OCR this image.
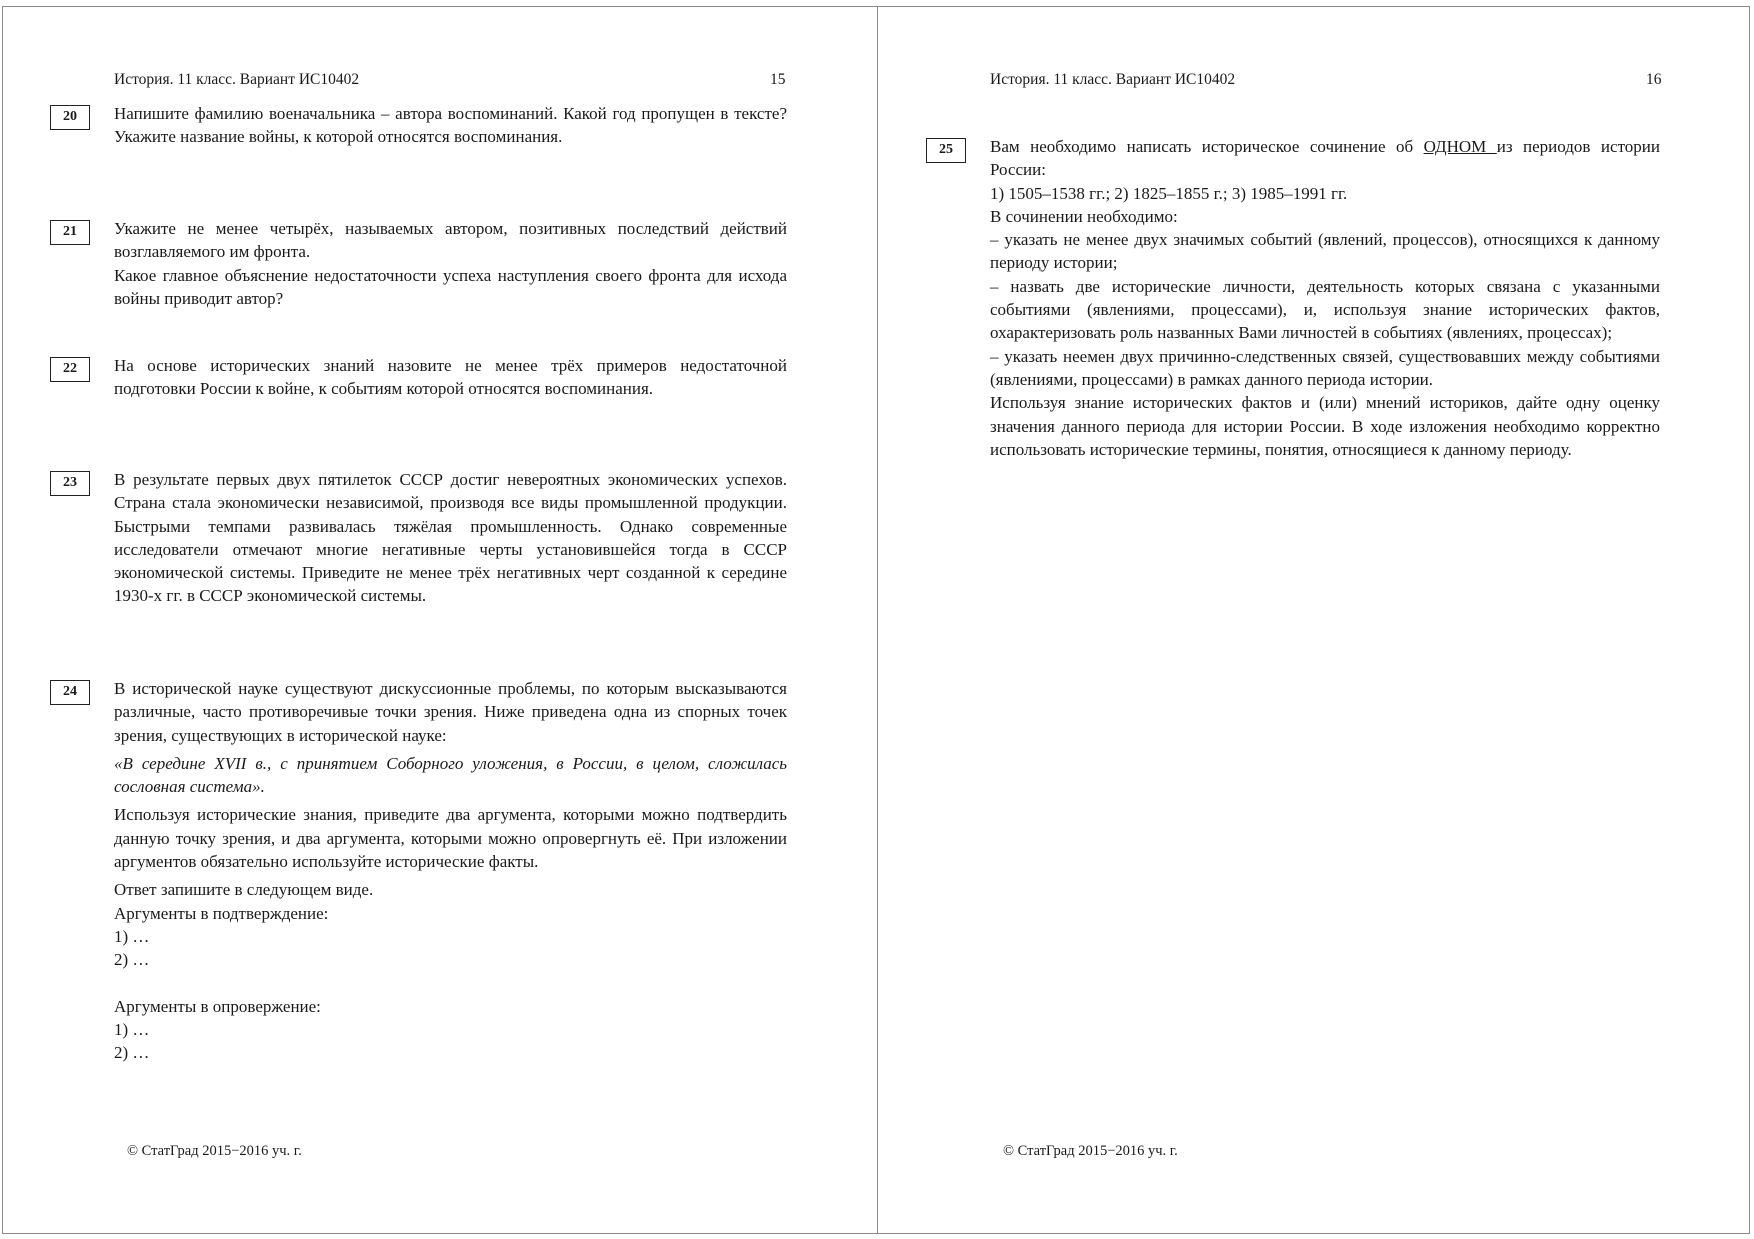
История. 11 класс. Вариант ИС10402	15
20	Напишите фамилию военачальника – автора воспоминаний. Какой год пропущен в тексте? Укажите название войны, к которой относятся воспоминания.

21	Укажите не менее четырёх, называемых автором, позитивных последствий действий возглавляемого им фронта.

Какое главное объяснение недостаточности успеха наступления своего фронта для исхода войны приводит автор?

22	На основе исторических знаний назовите не менее трёх примеров недостаточной подготовки России к войне, к событиям которой относятся воспоминания.

23	В результате первых двух пятилеток СССР достиг невероятных экономических успехов. Страна стала экономически независимой, производя все виды промышленной продукции. Быстрыми темпами развивалась тяжёлая промышленность. Однако современные исследователи отмечают многие негативные черты установившейся тогда в СССР экономической системы. Приведите не менее трёх негативных черт созданной к середине 1930-х гг. в СССР экономической системы.

24	В исторической науке существуют дискуссионные проблемы, по которым высказываются различные, часто противоречивые точки зрения. Ниже приведена одна из спорных точек зрения, существующих в исторической науке:

«В середине XVII в., с принятием Соборного уложения, в России, в целом, сложилась сословная система».

Используя исторические знания, приведите два аргумента, которыми можно подтвердить данную точку зрения, и два аргумента, которыми можно опровергнуть её. При изложении аргументов обязательно используйте исторические факты.

Ответ запишите в следующем виде.

Аргументы в подтверждение:

1) …

2) …

Аргументы в опровержение:

1) …

2) …

© СтатГрад 2015−2016 уч. г.
История. 11 класс. Вариант ИС10402	16
25	Вам необходимо написать историческое сочинение об ОДНОМ из периодов истории России:

1) 1505–1538 гг.; 2) 1825–1855 г.; 3) 1985–1991 гг.

В сочинении необходимо:

– указать не менее двух значимых событий (явлений, процессов), относящихся к данному периоду истории;

– назвать две исторические личности, деятельность которых связана с указанными событиями (явлениями, процессами), и, используя знание исторических фактов, охарактеризовать роль названных Вами личностей в событиях (явлениях, процессах);

– указать неемен двух причинно-следственных связей, существовавших между событиями (явлениями, процессами) в рамках данного периода истории.

Используя знание исторических фактов и (или) мнений историков, дайте одну оценку значения данного периода для истории России. В ходе изложения необходимо корректно использовать исторические термины, понятия, относящиеся к данному периоду.

© СтатГрад 2015−2016 уч. г.
